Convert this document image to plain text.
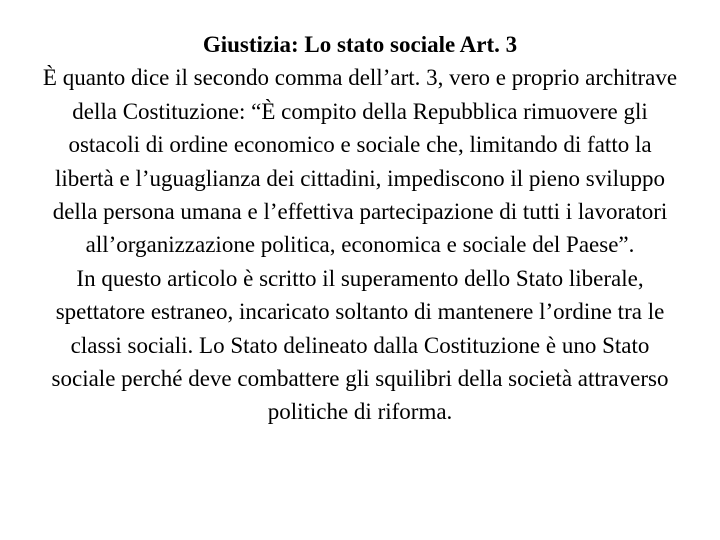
Giustizia: Lo stato sociale Art. 3

È quanto dice il secondo comma dell’art. 3, vero e proprio architrave della Costituzione: “È compito della Repubblica rimuovere gli ostacoli di ordine economico e sociale che, limitando di fatto la libertà e l’uguaglianza dei cittadini, impediscono il pieno sviluppo della persona umana e l’effettiva partecipazione di tutti i lavoratori all’organizzazione politica, economica e sociale del Paese”.

In questo articolo è scritto il superamento dello Stato liberale, spettatore estraneo, incaricato soltanto di mantenere l’ordine tra le classi sociali. Lo Stato delineato dalla Costituzione è uno Stato sociale perché deve combattere gli squilibri della società attraverso politiche di riforma.
